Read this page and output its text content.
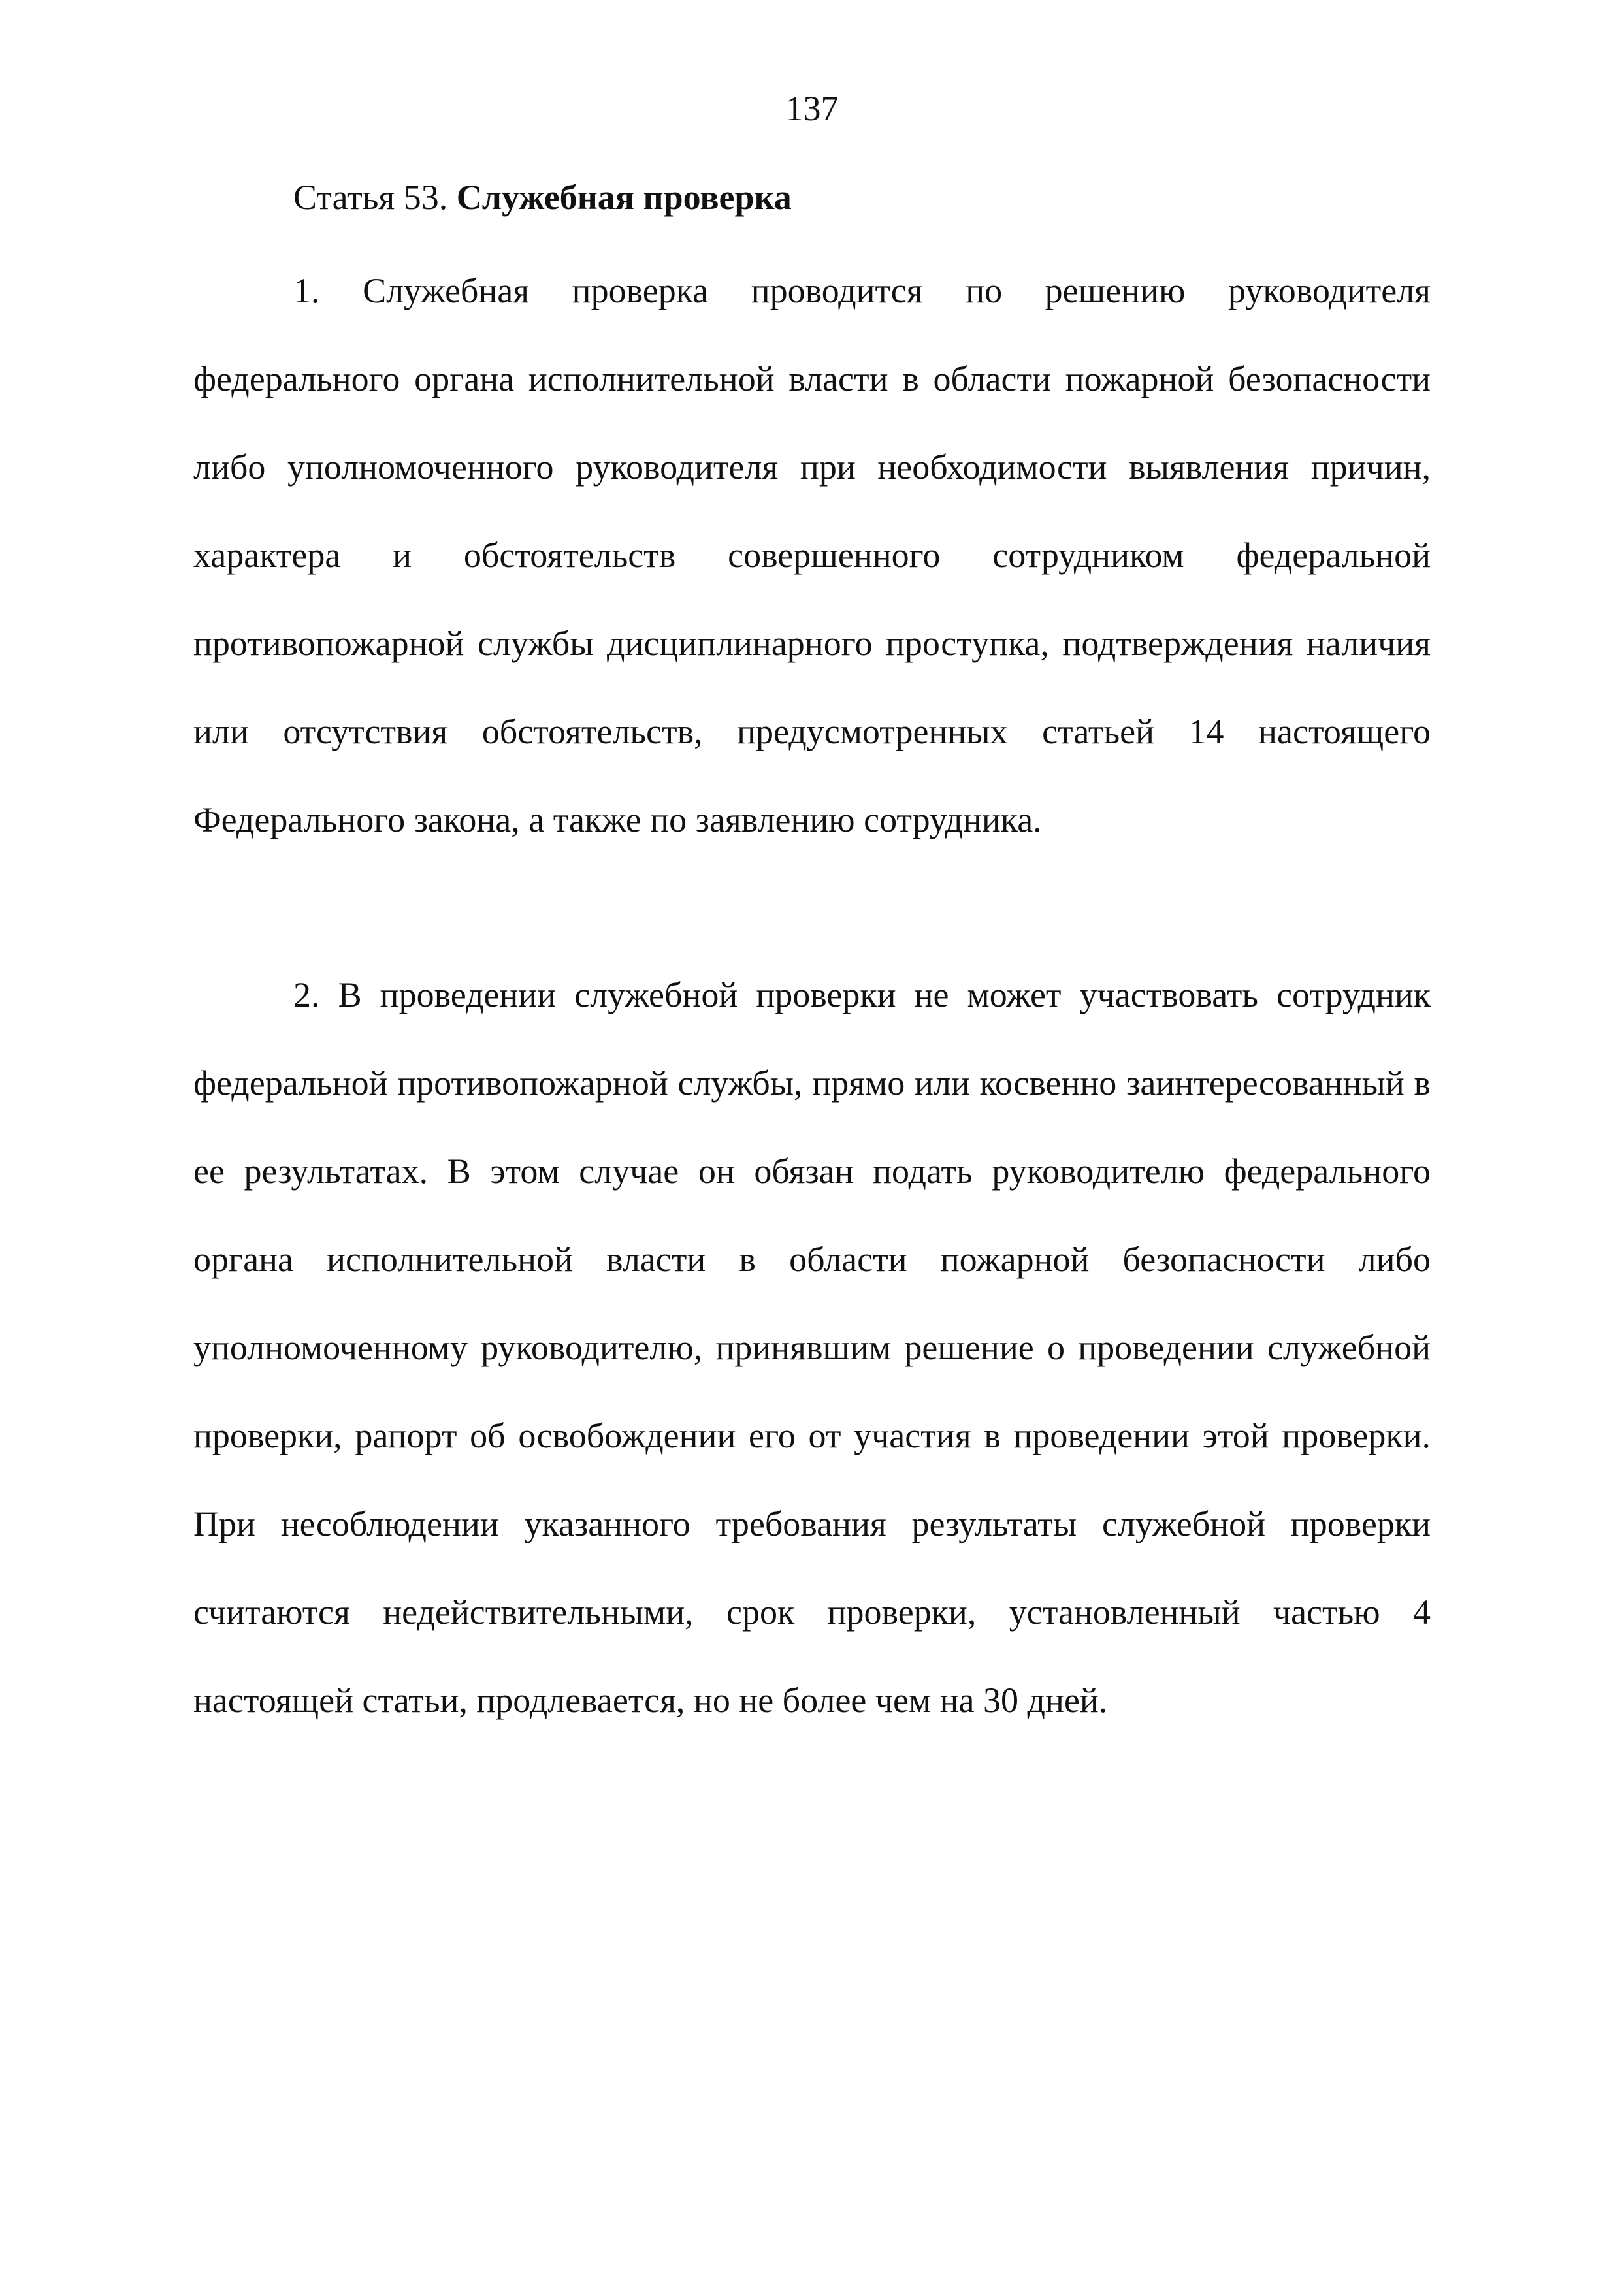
137
Статья 53. Служебная проверка

1. Служебная проверка проводится по решению руководителя федерального органа исполнительной власти в области пожарной безопасности либо уполномоченного руководителя при необходимости выявления причин, характера и обстоятельств совершенного сотрудником федеральной противопожарной службы дисциплинарного проступка, подтверждения наличия или отсутствия обстоятельств, предусмотренных статьей 14 настоящего Федерального закона, а также по заявлению сотрудника.

2. В проведении служебной проверки не может участвовать сотрудник федеральной противопожарной службы, прямо или косвенно заинтересованный в ее результатах. В этом случае он обязан подать руководителю федерального органа исполнительной власти в области пожарной безопасности либо уполномоченному руководителю, принявшим решение о проведении служебной проверки, рапорт об освобождении его от участия в проведении этой проверки. При несоблюдении указанного требования результаты служебной проверки считаются недействительными, срок проверки, установленный частью 4 настоящей статьи, продлевается, но не более чем на 30 дней.
